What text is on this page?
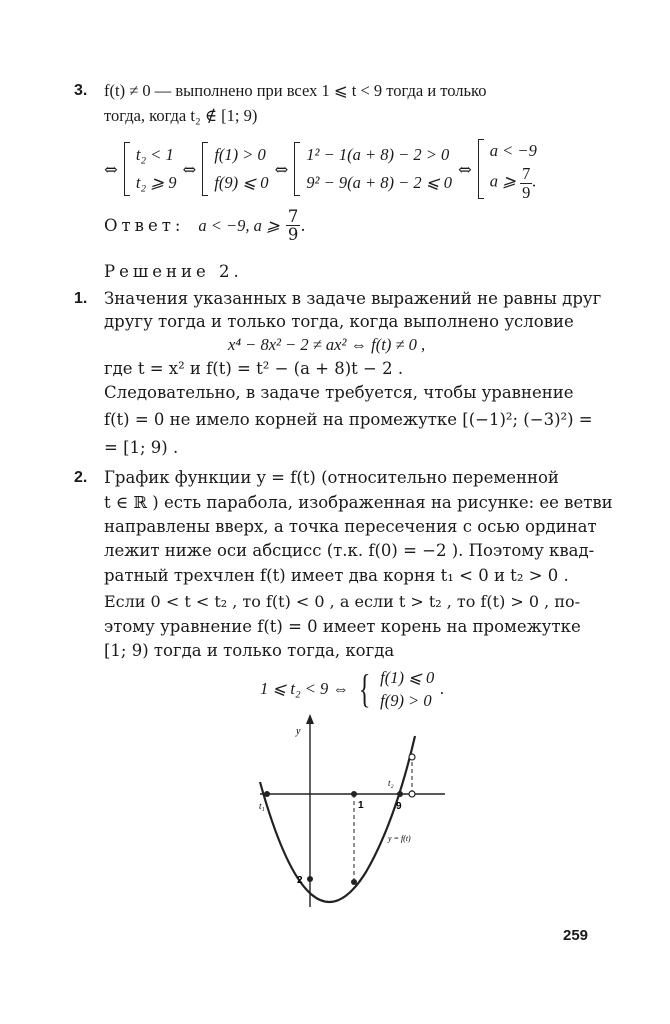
3. f(t) ≠ 0 — выполнено при всех 1 ⩽ t < 9 тогда и только
тогда, когда t₂ ∉ [1; 9)
⇔
t₂ < 1
t₂ ⩾ 9
⇔
f(1) > 0
f(9) ⩽ 0
⇔
1² − 1(a + 8) − 2 > 0
9² − 9(a + 8) − 2 ⩽ 0
⇔
a < −9
a ⩾ $\frac{7}{9}$ .
Ответ: a < −9, a ⩾ $\frac{7}{9}$ .
Решение 2.
1. Значения указанных в задаче выражений не равны друг
другу тогда и только тогда, когда выполнено условие
x⁴ − 8x² − 2 ≠ ax² ⇔ f(t) ≠ 0 ,
где t = x² и f(t) = t² − (a + 8)t − 2 .
Следовательно, в задаче требуется, чтобы уравнение
f(t) = 0 не имело корней на промежутке [(−1)²; (−3)²) =
= [1; 9) .
2. График функции y = f(t) (относительно переменной
t ∈ ℝ ) есть парабола, изображенная на рисунке: ее ветви
направлены вверх, а точка пересечения с осью ординат
лежит ниже оси абсцисс (т.к. f(0) = −2 ). Поэтому квад-
ратный трехчлен f(t) имеет два корня t₁ < 0 и t₂ > 0 .
Если 0 < t < t₂ , то f(t) < 0 , а если t > t₂ , то f(t) > 0 , по-
этому уравнение f(t) = 0 имеет корень на промежутке
[1; 9) тогда и только тогда, когда
1 ⩽ t₂ < 9 ⇔ { f(1) ⩽ 0
f(9) > 0
.
y
t₁
t₂
1	9
2
y = f(t)
259
